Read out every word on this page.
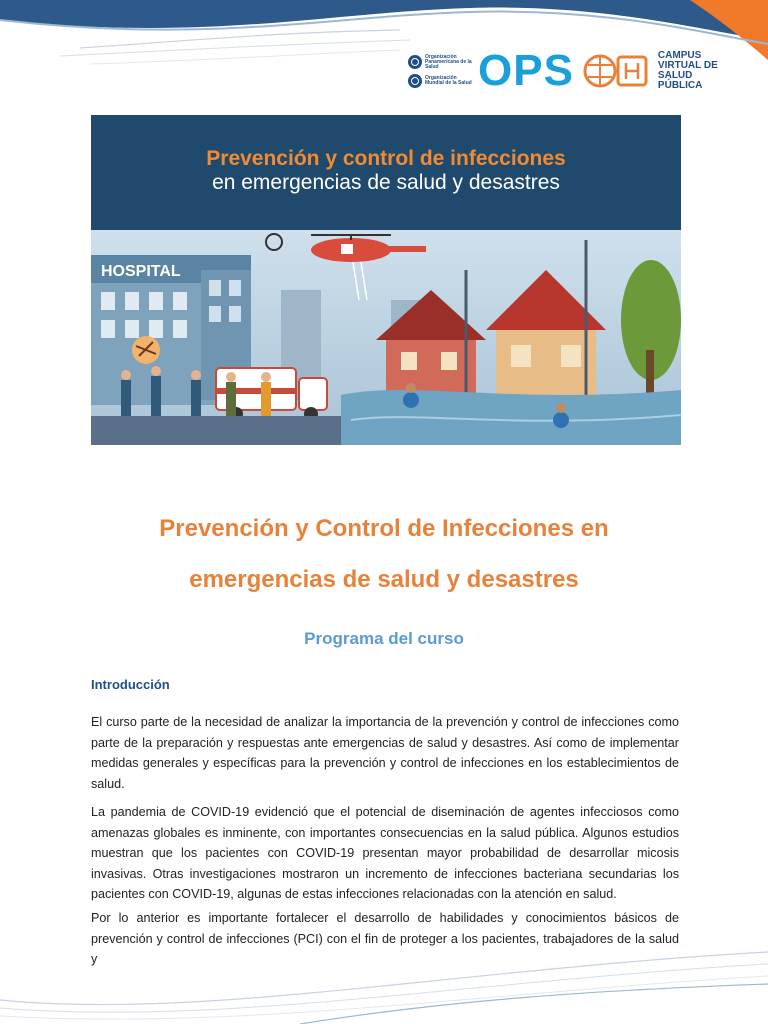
Organización Panamericana de la Salud
Organización Mundial de la Salud OPS	CAMPUS VIRTUAL DE SALUD PÚBLICA
Prevención y control de infecciones
en emergencias de salud y desastres
HOSPITAL
Prevención y Control de Infecciones en
emergencias de salud y desastres
Programa del curso
Introducción
El curso parte de la necesidad de analizar la importancia de la prevención y control de infecciones como parte de la preparación y respuestas ante emergencias de salud y desastres. Así como de implementar medidas generales y específicas para la prevención y control de infecciones en los establecimientos de salud.
La pandemia de COVID-19 evidenció que el potencial de diseminación de agentes infecciosos como amenazas globales es inminente, con importantes consecuencias en la salud pública. Algunos estudios muestran que los pacientes con COVID-19 presentan mayor probabilidad de desarrollar micosis invasivas. Otras investigaciones mostraron un incremento de infecciones bacteriana secundarias los pacientes con COVID-19, algunas de estas infecciones relacionadas con la atención en salud.
Por lo anterior es importante fortalecer el desarrollo de habilidades y conocimientos básicos de prevención y control de infecciones (PCI) con el fin de proteger a los pacientes, trabajadores de la salud y
